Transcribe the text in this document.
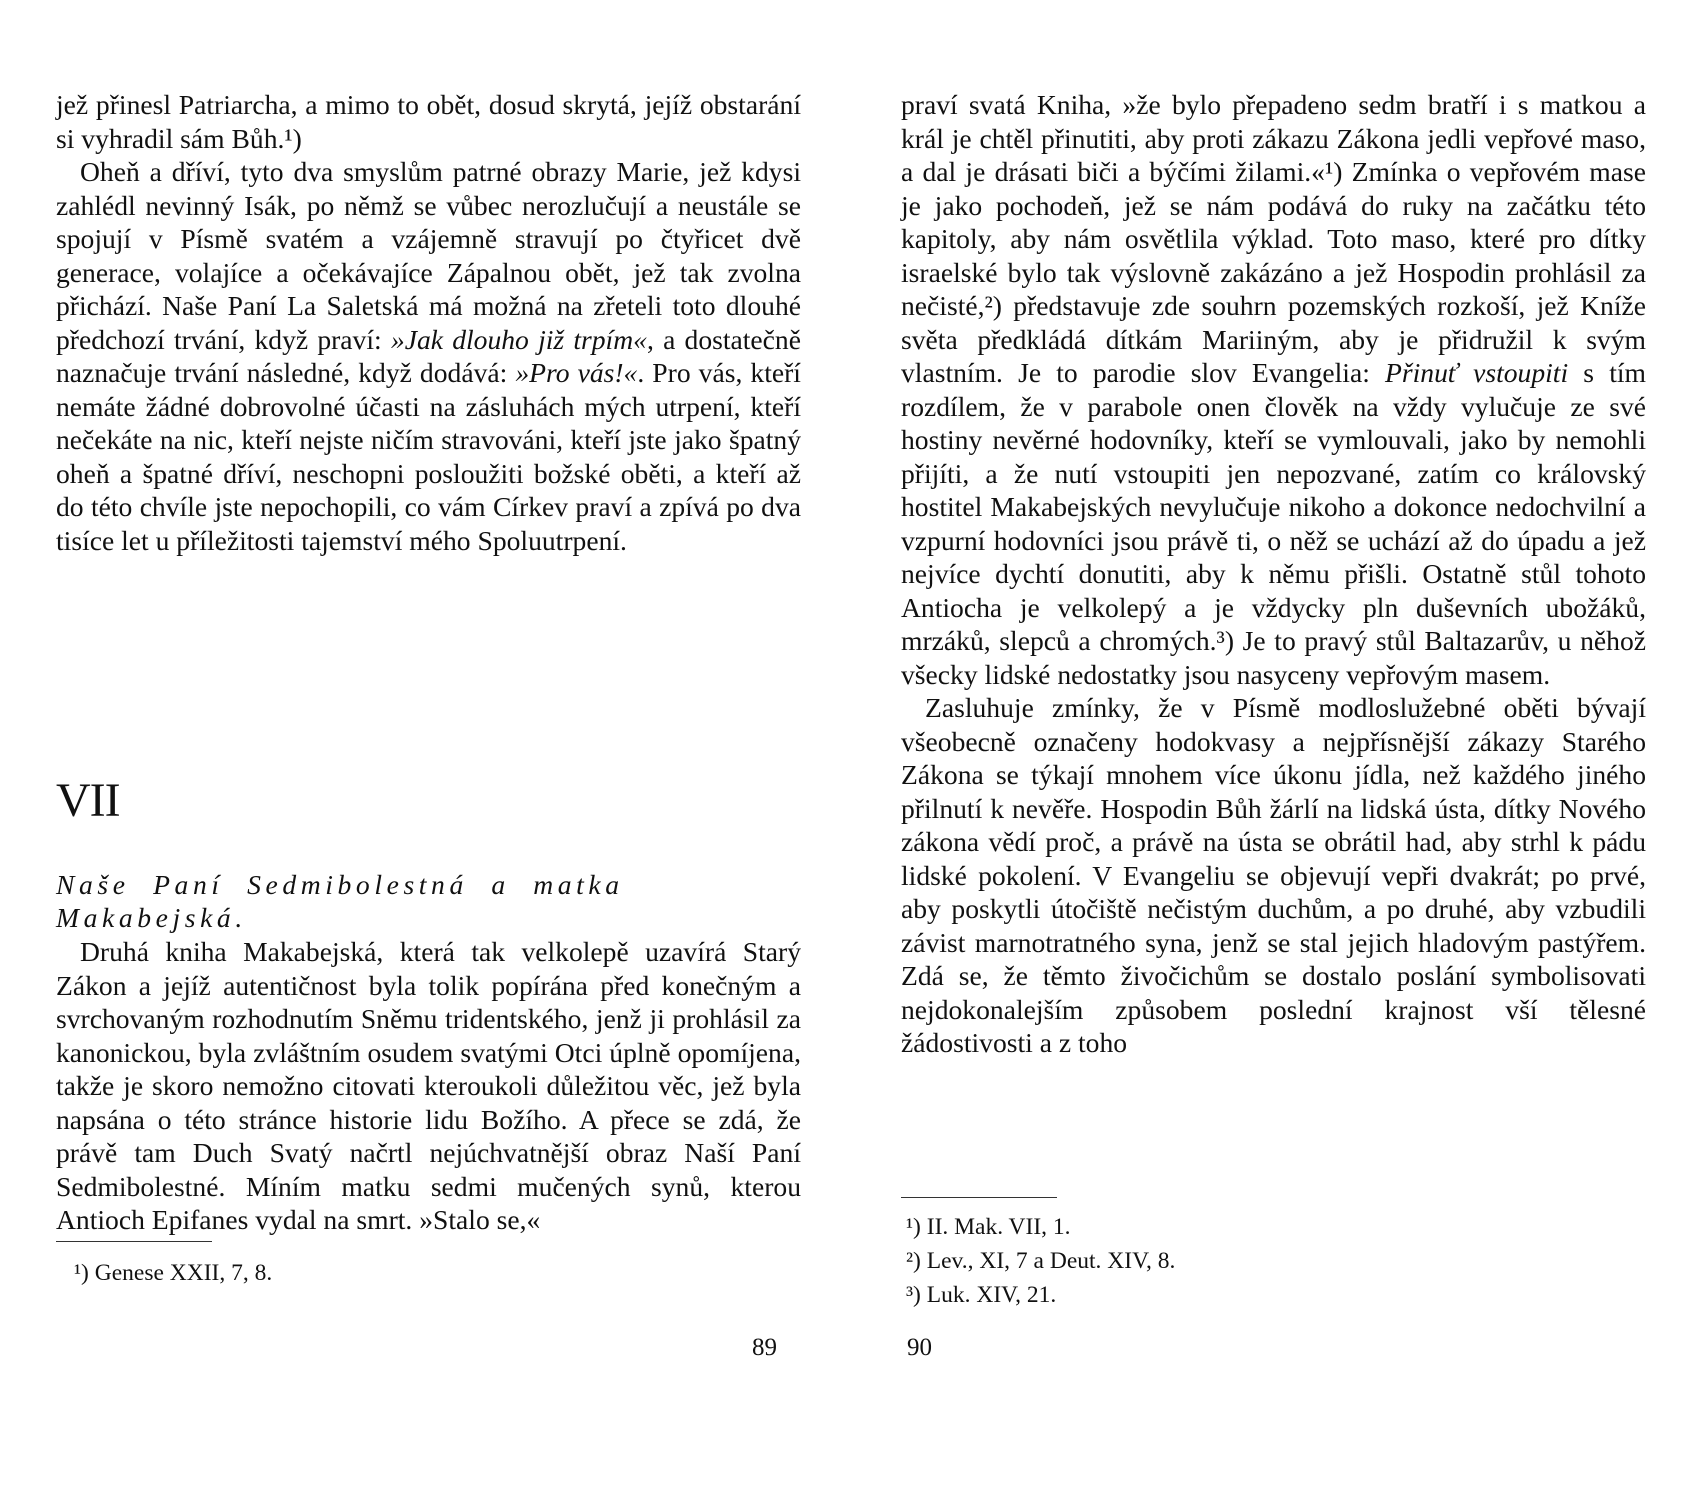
jež přinesl Patriarcha, a mimo to obět, dosud skrytá, jejíž obstarání si vyhradil sám Bůh.¹)

Oheň a dříví, tyto dva smyslům patrné obrazy Marie, jež kdysi zahlédl nevinný Isák, po němž se vůbec nerozlučují a neustále se spojují v Písmě svatém a vzájemně stravují po čtyřicet dvě generace, volajíce a očekávajíce Zápalnou obět, jež tak zvolna přichází. Naše Paní La Saletská má možná na zřeteli toto dlouhé předchozí trvání, když praví: »Jak dlouho již trpím«, a dostatečně naznačuje trvání následné, když dodává: »Pro vás!«. Pro vás, kteří nemáte žádné dobrovolné účasti na zásluhách mých utrpení, kteří nečekáte na nic, kteří nejste ničím stravováni, kteří jste jako špatný oheň a špatné dříví, neschopni posloužiti božské oběti, a kteří až do této chvíle jste nepochopili, co vám Církev praví a zpívá po dva tisíce let u příležitosti tajemství mého Spoluutrpení.

VII
Naše Paní Sedmibolestná a matka Makabejská.

Druhá kniha Makabejská, která tak velkolepě uzavírá Starý Zákon a jejíž autentičnost byla tolik popírána před konečným a svrchovaným rozhodnutím Sněmu tridentského, jenž ji prohlásil za kanonickou, byla zvláštním osudem svatými Otci úplně opomíjena, takže je skoro nemožno citovati kteroukoli důležitou věc, jež byla napsána o této stránce historie lidu Božího. A přece se zdá, že právě tam Duch Svatý načrtl nejúchvatnější obraz Naší Paní Sedmibolestné. Míním matku sedmi mučených synů, kterou Antioch Epifanes vydal na smrt. »Stalo se,«

¹) Genese XXII, 7, 8.
89

praví svatá Kniha, »že bylo přepadeno sedm bratří i s matkou a král je chtěl přinutiti, aby proti zákazu Zákona jedli vepřové maso, a dal je drásati biči a býčími žilami.«¹) Zmínka o vepřovém mase je jako pochodeň, jež se nám podává do ruky na začátku této kapitoly, aby nám osvětlila výklad. Toto maso, které pro dítky israelské bylo tak výslovně zakázáno a jež Hospodin prohlásil za nečisté,²) představuje zde souhrn pozemských rozkoší, jež Kníže světa předkládá dítkám Mariiným, aby je přidružil k svým vlastním. Je to parodie slov Evangelia: Přinuť vstoupiti s tím rozdílem, že v parabole onen člověk na vždy vylučuje ze své hostiny nevěrné hodovníky, kteří se vymlouvali, jako by nemohli přijíti, a že nutí vstoupiti jen nepozvané, zatím co královský hostitel Makabejských nevylučuje nikoho a dokonce nedochvilní a vzpurní hodovníci jsou právě ti, o něž se uchází až do úpadu a jež nejvíce dychtí donutiti, aby k němu přišli. Ostatně stůl tohoto Antiocha je velkolepý a je vždycky pln duševních ubožáků, mrzáků, slepců a chromých.³) Je to pravý stůl Baltazarův, u něhož všecky lidské nedostatky jsou nasyceny vepřovým masem.

Zasluhuje zmínky, že v Písmě modloslužebné oběti bývají všeobecně označeny hodokvasy a nejpřísnější zákazy Starého Zákona se týkají mnohem více úkonu jídla, než každého jiného přilnutí k nevěře. Hospodin Bůh žárlí na lidská ústa, dítky Nového zákona vědí proč, a právě na ústa se obrátil had, aby strhl k pádu lidské pokolení. V Evangeliu se objevují vepři dvakrát; po prvé, aby poskytli útočiště nečistým duchům, a po druhé, aby vzbudili závist marnotratného syna, jenž se stal jejich hladovým pastýřem. Zdá se, že těmto živočichům se dostalo poslání symbolisovati nejdokonalejším způsobem poslední krajnost vší tělesné žádostivosti a z toho

¹) II. Mak. VII, 1.
²) Lev., XI, 7 a Deut. XIV, 8.
³) Luk. XIV, 21.
90
